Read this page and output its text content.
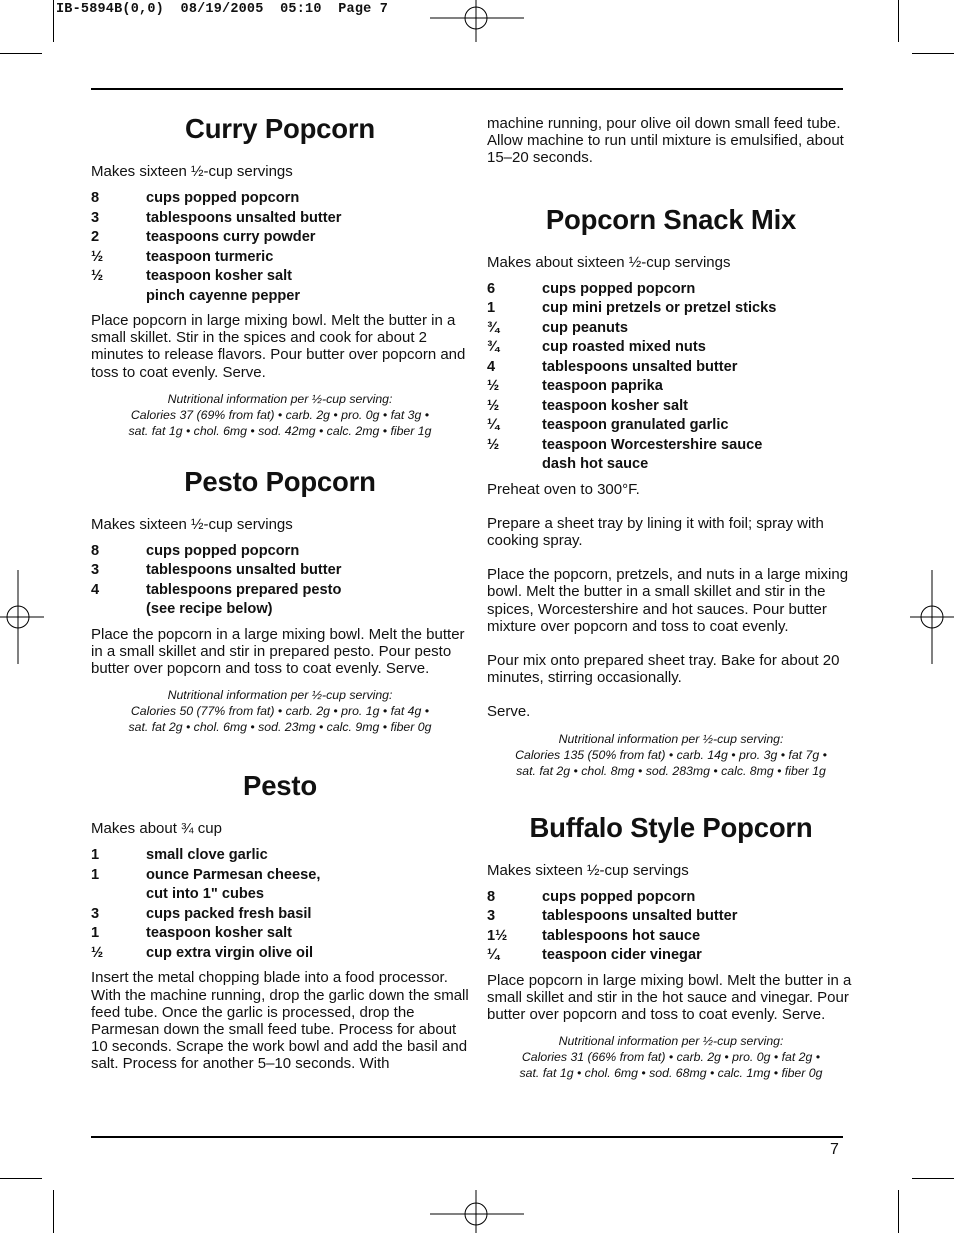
IB-5894B(0,0)  08/19/2005  05:10  Page 7
7
Curry Popcorn

Makes sixteen ½-cup servings

8	cups popped popcorn
3	tablespoons unsalted butter
2	teaspoons curry powder
½	teaspoon turmeric
½	teaspoon kosher salt
pinch cayenne pepper

Place popcorn in large mixing bowl. Melt the butter in a small skillet. Stir in the spices and cook for about 2 minutes to release flavors. Pour butter over popcorn and toss to coat evenly. Serve.

Nutritional information per ½-cup serving:

Calories 37 (69% from fat) • carb. 2g • pro. 0g • fat 3g •

sat. fat 1g • chol. 6mg • sod. 42mg • calc. 2mg • fiber 1g

Pesto Popcorn

Makes sixteen ½-cup servings

8	cups popped popcorn
3	tablespoons unsalted butter
4	tablespoons prepared pesto
(see recipe below)

Place the popcorn in a large mixing bowl. Melt the butter in a small skillet and stir in prepared pesto. Pour pesto butter over popcorn and toss to coat evenly. Serve.

Nutritional information per ½-cup serving:

Calories 50 (77% from fat) • carb. 2g • pro. 1g • fat 4g •

sat. fat 2g • chol. 6mg • sod. 23mg • calc. 9mg • fiber 0g

Pesto

Makes about ¾ cup

1	small clove garlic
1	ounce Parmesan cheese,
cut into 1" cubes
3	cups packed fresh basil
1	teaspoon kosher salt
½	cup extra virgin olive oil

Insert the metal chopping blade into a food processor. With the machine running, drop the garlic down the small feed tube. Once the garlic is processed, drop the Parmesan down the small feed tube. Process for about 10 seconds. Scrape the work bowl and add the basil and salt. Process for another 5–10 seconds. With

machine running, pour olive oil down small feed tube. Allow machine to run until mixture is emulsified, about 15–20 seconds.

Popcorn Snack Mix

Makes about sixteen ½-cup servings

6	cups popped popcorn
1	cup mini pretzels or pretzel sticks
¾	cup peanuts
¾	cup roasted mixed nuts
4	tablespoons unsalted butter
½	teaspoon paprika
½	teaspoon kosher salt
¼	teaspoon granulated garlic
½	teaspoon Worcestershire sauce
dash hot sauce

Preheat oven to 300°F.

Prepare a sheet tray by lining it with foil; spray with cooking spray.

Place the popcorn, pretzels, and nuts in a large mixing bowl. Melt the butter in a small skillet and stir in the spices, Worcestershire and hot sauces. Pour butter mixture over popcorn and toss to coat evenly.

Pour mix onto prepared sheet tray. Bake for about 20 minutes, stirring occasionally.

Serve.

Nutritional information per ½-cup serving:

Calories 135 (50% from fat) • carb. 14g • pro. 3g • fat 7g •

sat. fat 2g • chol. 8mg • sod. 283mg • calc. 8mg • fiber 1g

Buffalo Style Popcorn

Makes sixteen ½-cup servings

8	cups popped popcorn
3	tablespoons unsalted butter
1½	tablespoons hot sauce
¼	teaspoon cider vinegar

Place popcorn in large mixing bowl. Melt the butter in a small skillet and stir in the hot sauce and vinegar. Pour butter over popcorn and toss to coat evenly. Serve.

Nutritional information per ½-cup serving:

Calories 31 (66% from fat) • carb. 2g • pro. 0g • fat 2g •

sat. fat 1g • chol. 6mg • sod. 68mg • calc. 1mg • fiber 0g
